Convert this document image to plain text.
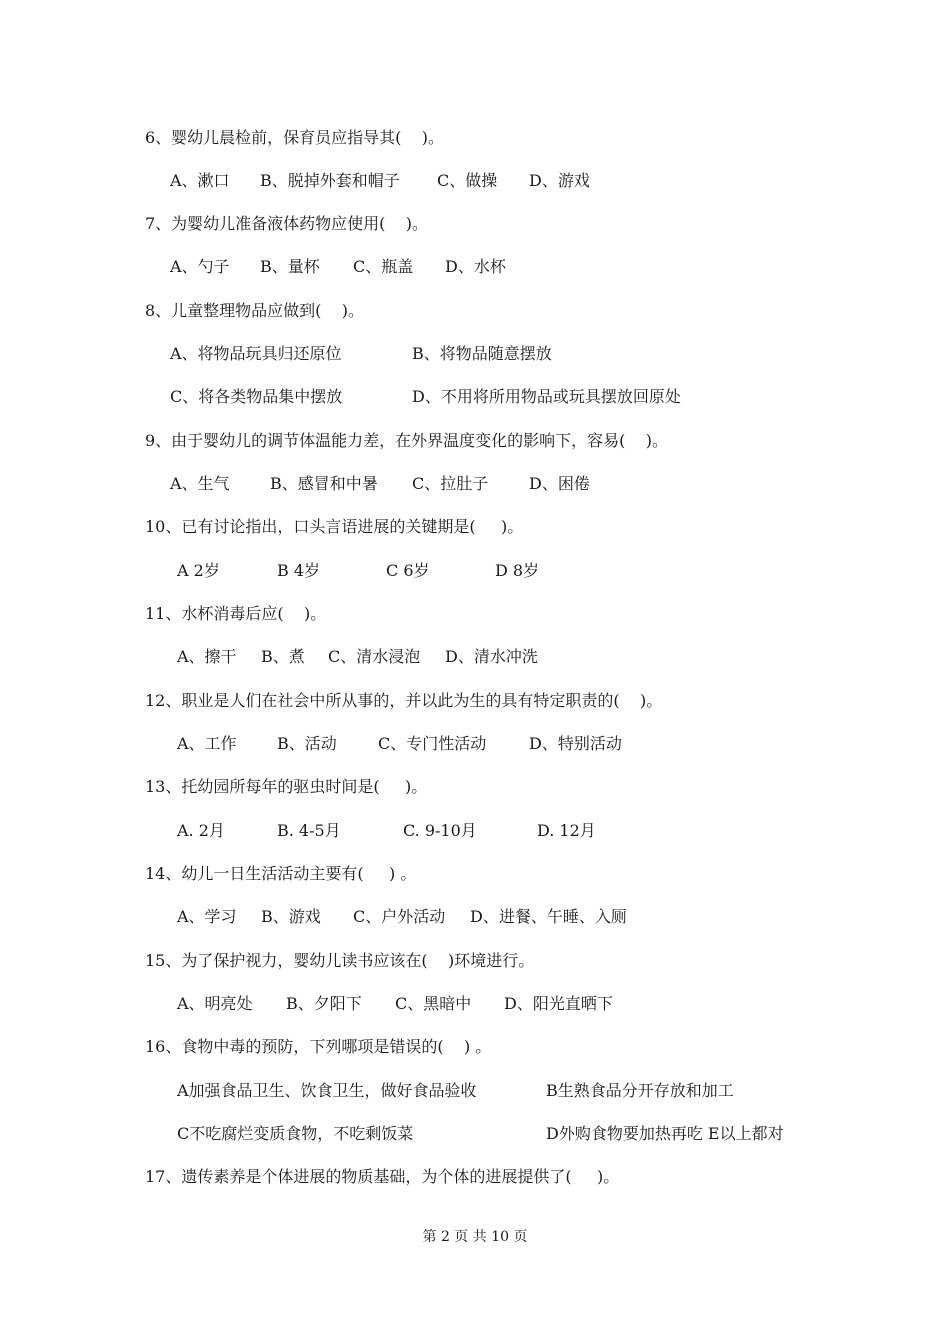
6、婴幼儿晨检前，保育员应指导其(    )。
A、漱口 B、脱掉外套和帽子 C、做操 D、游戏
7、为婴幼儿准备液体药物应使用(    )。
A、勺子 B、量杯 C、瓶盖 D、水杯
8、儿童整理物品应做到(    )。
A、将物品玩具归还原位	B、将物品随意摆放
C、将各类物品集中摆放	D、不用将所用物品或玩具摆放回原处
9、由于婴幼儿的调节体温能力差，在外界温度变化的影响下，容易(    )。
A、生气	B、感冒和中暑 C、拉肚子	D、困倦
10、已有讨论指出，口头言语进展的关键期是(     )。
A 2岁	B 4岁	C 6岁	D 8岁
11、水杯消毒后应(    )。
A、擦干 B、煮 C、清水浸泡 D、清水冲洗
12、职业是人们在社会中所从事的，并以此为生的具有特定职责的(    )。
A、工作	B、活动	C、专门性活动	D、特别活动
13、托幼园所每年的驱虫时间是(     )。
A. 2月	B. 4-5月	C. 9-10月	D. 12月
14、幼儿一日生活活动主要有(     ) 。
A、学习 B、游戏 C、户外活动 D、进餐、午睡、入厕
15、为了保护视力，婴幼儿读书应该在(    )环境进行。
A、明亮处 B、夕阳下 C、黑暗中 D、阳光直晒下
16、食物中毒的预防，下列哪项是错误的(    ) 。
A加强食品卫生、饮食卫生，做好食品验收	B生熟食品分开存放和加工
C不吃腐烂变质食物，不吃剩饭菜	D外购食物要加热再吃 E以上都对
17、遗传素养是个体进展的物质基础，为个体的进展提供了(     )。
第 2 页 共 10 页
